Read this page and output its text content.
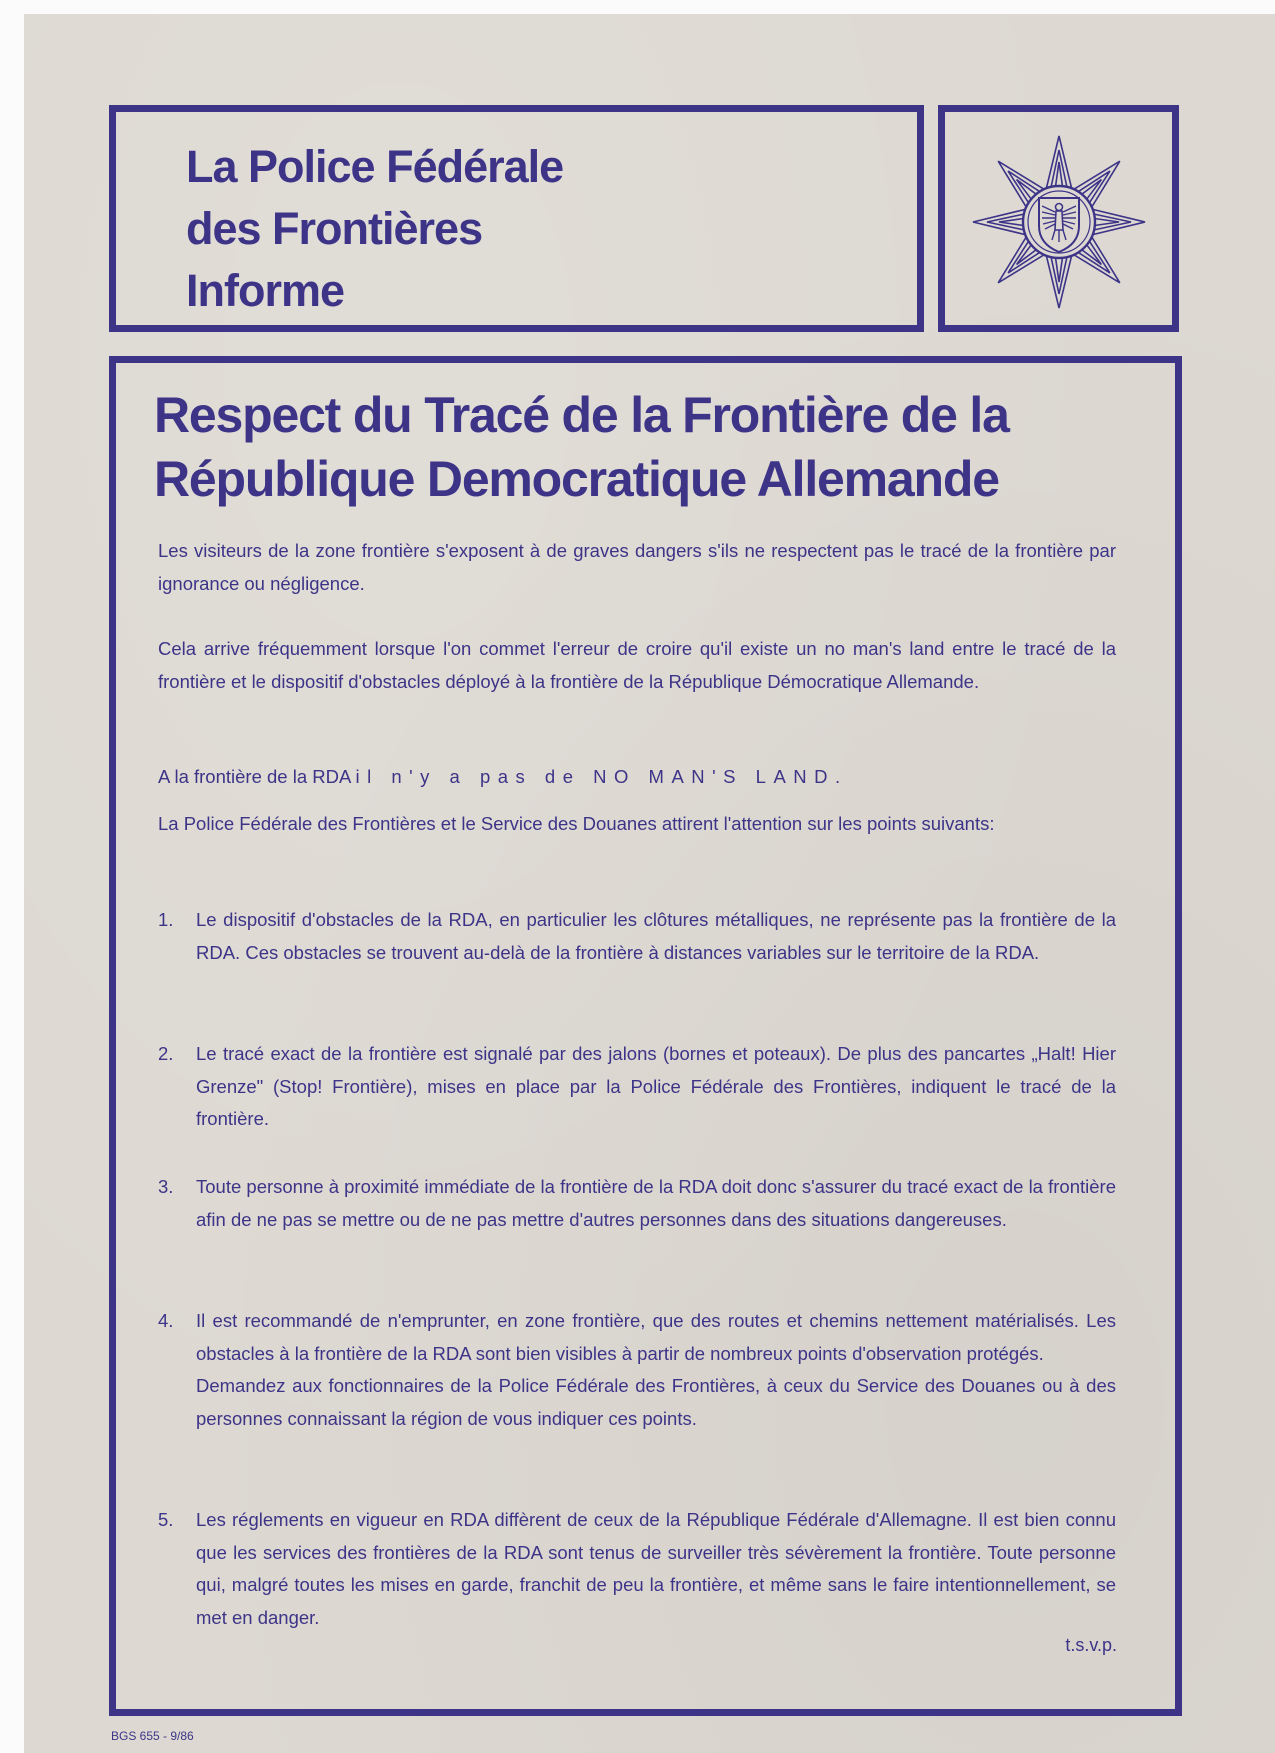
La Police Fédérale
des Frontières
Informe
Respect du Tracé de la Frontière de la
République Democratique Allemande

Les visiteurs de la zone frontière s'exposent à de graves dangers s'ils ne respectent pas le tracé de la frontière par ignorance ou négligence.

Cela arrive fréquemment lorsque l'on commet l'erreur de croire qu'il existe un no man's land entre le tracé de la frontière et le dispositif d'obstacles déployé à la frontière de la République Démocratique Allemande.

A la frontière de la RDA il n'y a pas de NO MAN'S LAND.

La Police Fédérale des Frontières et le Service des Douanes attirent l'attention sur les points suivants:

1.	Le dispositif d'obstacles de la RDA, en particulier les clôtures métalliques, ne représente pas la frontière de la RDA. Ces obstacles se trouvent au-delà de la frontière à distances variables sur le territoire de la RDA.

2.	Le tracé exact de la frontière est signalé par des jalons (bornes et poteaux). De plus des pancartes „Halt! Hier Grenze" (Stop! Frontière), mises en place par la Police Fédérale des Frontières, indiquent le tracé de la frontière.

3.	Toute personne à proximité immédiate de la frontière de la RDA doit donc s'assurer du tracé exact de la frontière afin de ne pas se mettre ou de ne pas mettre d'autres personnes dans des situations dangereuses.

4.	Il est recommandé de n'emprunter, en zone frontière, que des routes et chemins nettement matérialisés. Les obstacles à la frontière de la RDA sont bien visibles à partir de nombreux points d'observation protégés.

Demandez aux fonctionnaires de la Police Fédérale des Frontières, à ceux du Service des Douanes ou à des personnes connaissant la région de vous indiquer ces points.

5.	Les réglements en vigueur en RDA diffèrent de ceux de la République Fédérale d'Allemagne. Il est bien connu que les services des frontières de la RDA sont tenus de surveiller très sévèrement la frontière. Toute personne qui, malgré toutes les mises en garde, franchit de peu la frontière, et même sans le faire intentionnellement, se met en danger.

t.s.v.p.
BGS 655 - 9/86
